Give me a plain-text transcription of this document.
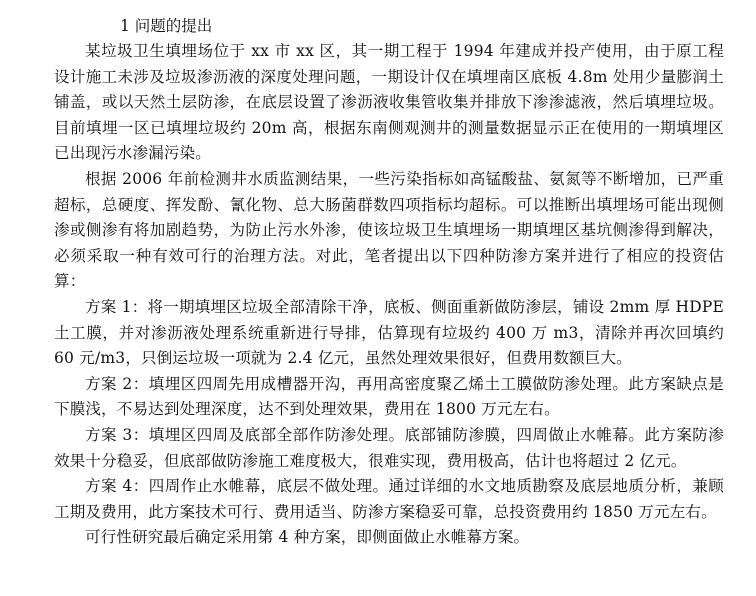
1 问题的提出

某垃圾卫生填埋场位于 xx 市 xx 区，其一期工程于 1994 年建成并投产使用，由于原工程设计施工未涉及垃圾渗沥液的深度处理问题，一期设计仅在填埋南区底板 4.8m 处用少量膨润土铺盖，或以天然土层防渗，在底层设置了渗沥液收集管收集并排放下渗渗滤液，然后填埋垃圾。目前填埋一区已填埋垃圾约 20m 高，根据东南侧观测井的测量数据显示正在使用的一期填埋区已出现污水渗漏污染。

根据 2006 年前检测井水质监测结果，一些污染指标如高锰酸盐、氨氮等不断增加，已严重超标，总硬度、挥发酚、氰化物、总大肠菌群数四项指标均超标。可以推断出填埋场可能出现侧渗或侧渗有将加剧趋势，为防止污水外渗，使该垃圾卫生填埋场一期填埋区基坑侧渗得到解决，必须采取一种有效可行的治理方法。对此，笔者提出以下四种防渗方案并进行了相应的投资估算：

方案 1：将一期填埋区垃圾全部清除干净，底板、侧面重新做防渗层，铺设 2mm 厚 HDPE 土工膜，并对渗沥液处理系统重新进行导排，估算现有垃圾约 400 万 m3，清除并再次回填约 60 元/m3，只倒运垃圾一项就为 2.4 亿元，虽然处理效果很好，但费用数额巨大。

方案 2：填埋区四周先用成槽器开沟，再用高密度聚乙烯土工膜做防渗处理。此方案缺点是下膜浅，不易达到处理深度，达不到处理效果，费用在 1800 万元左右。

方案 3：填埋区四周及底部全部作防渗处理。底部铺防渗膜，四周做止水帷幕。此方案防渗效果十分稳妥，但底部做防渗施工难度极大，很难实现，费用极高，估计也将超过 2 亿元。

方案 4：四周作止水帷幕，底层不做处理。通过详细的水文地质勘察及底层地质分析，兼顾工期及费用，此方案技术可行、费用适当、防渗方案稳妥可靠，总投资费用约 1850 万元左右。

可行性研究最后确定采用第 4 种方案，即侧面做止水帷幕方案。
